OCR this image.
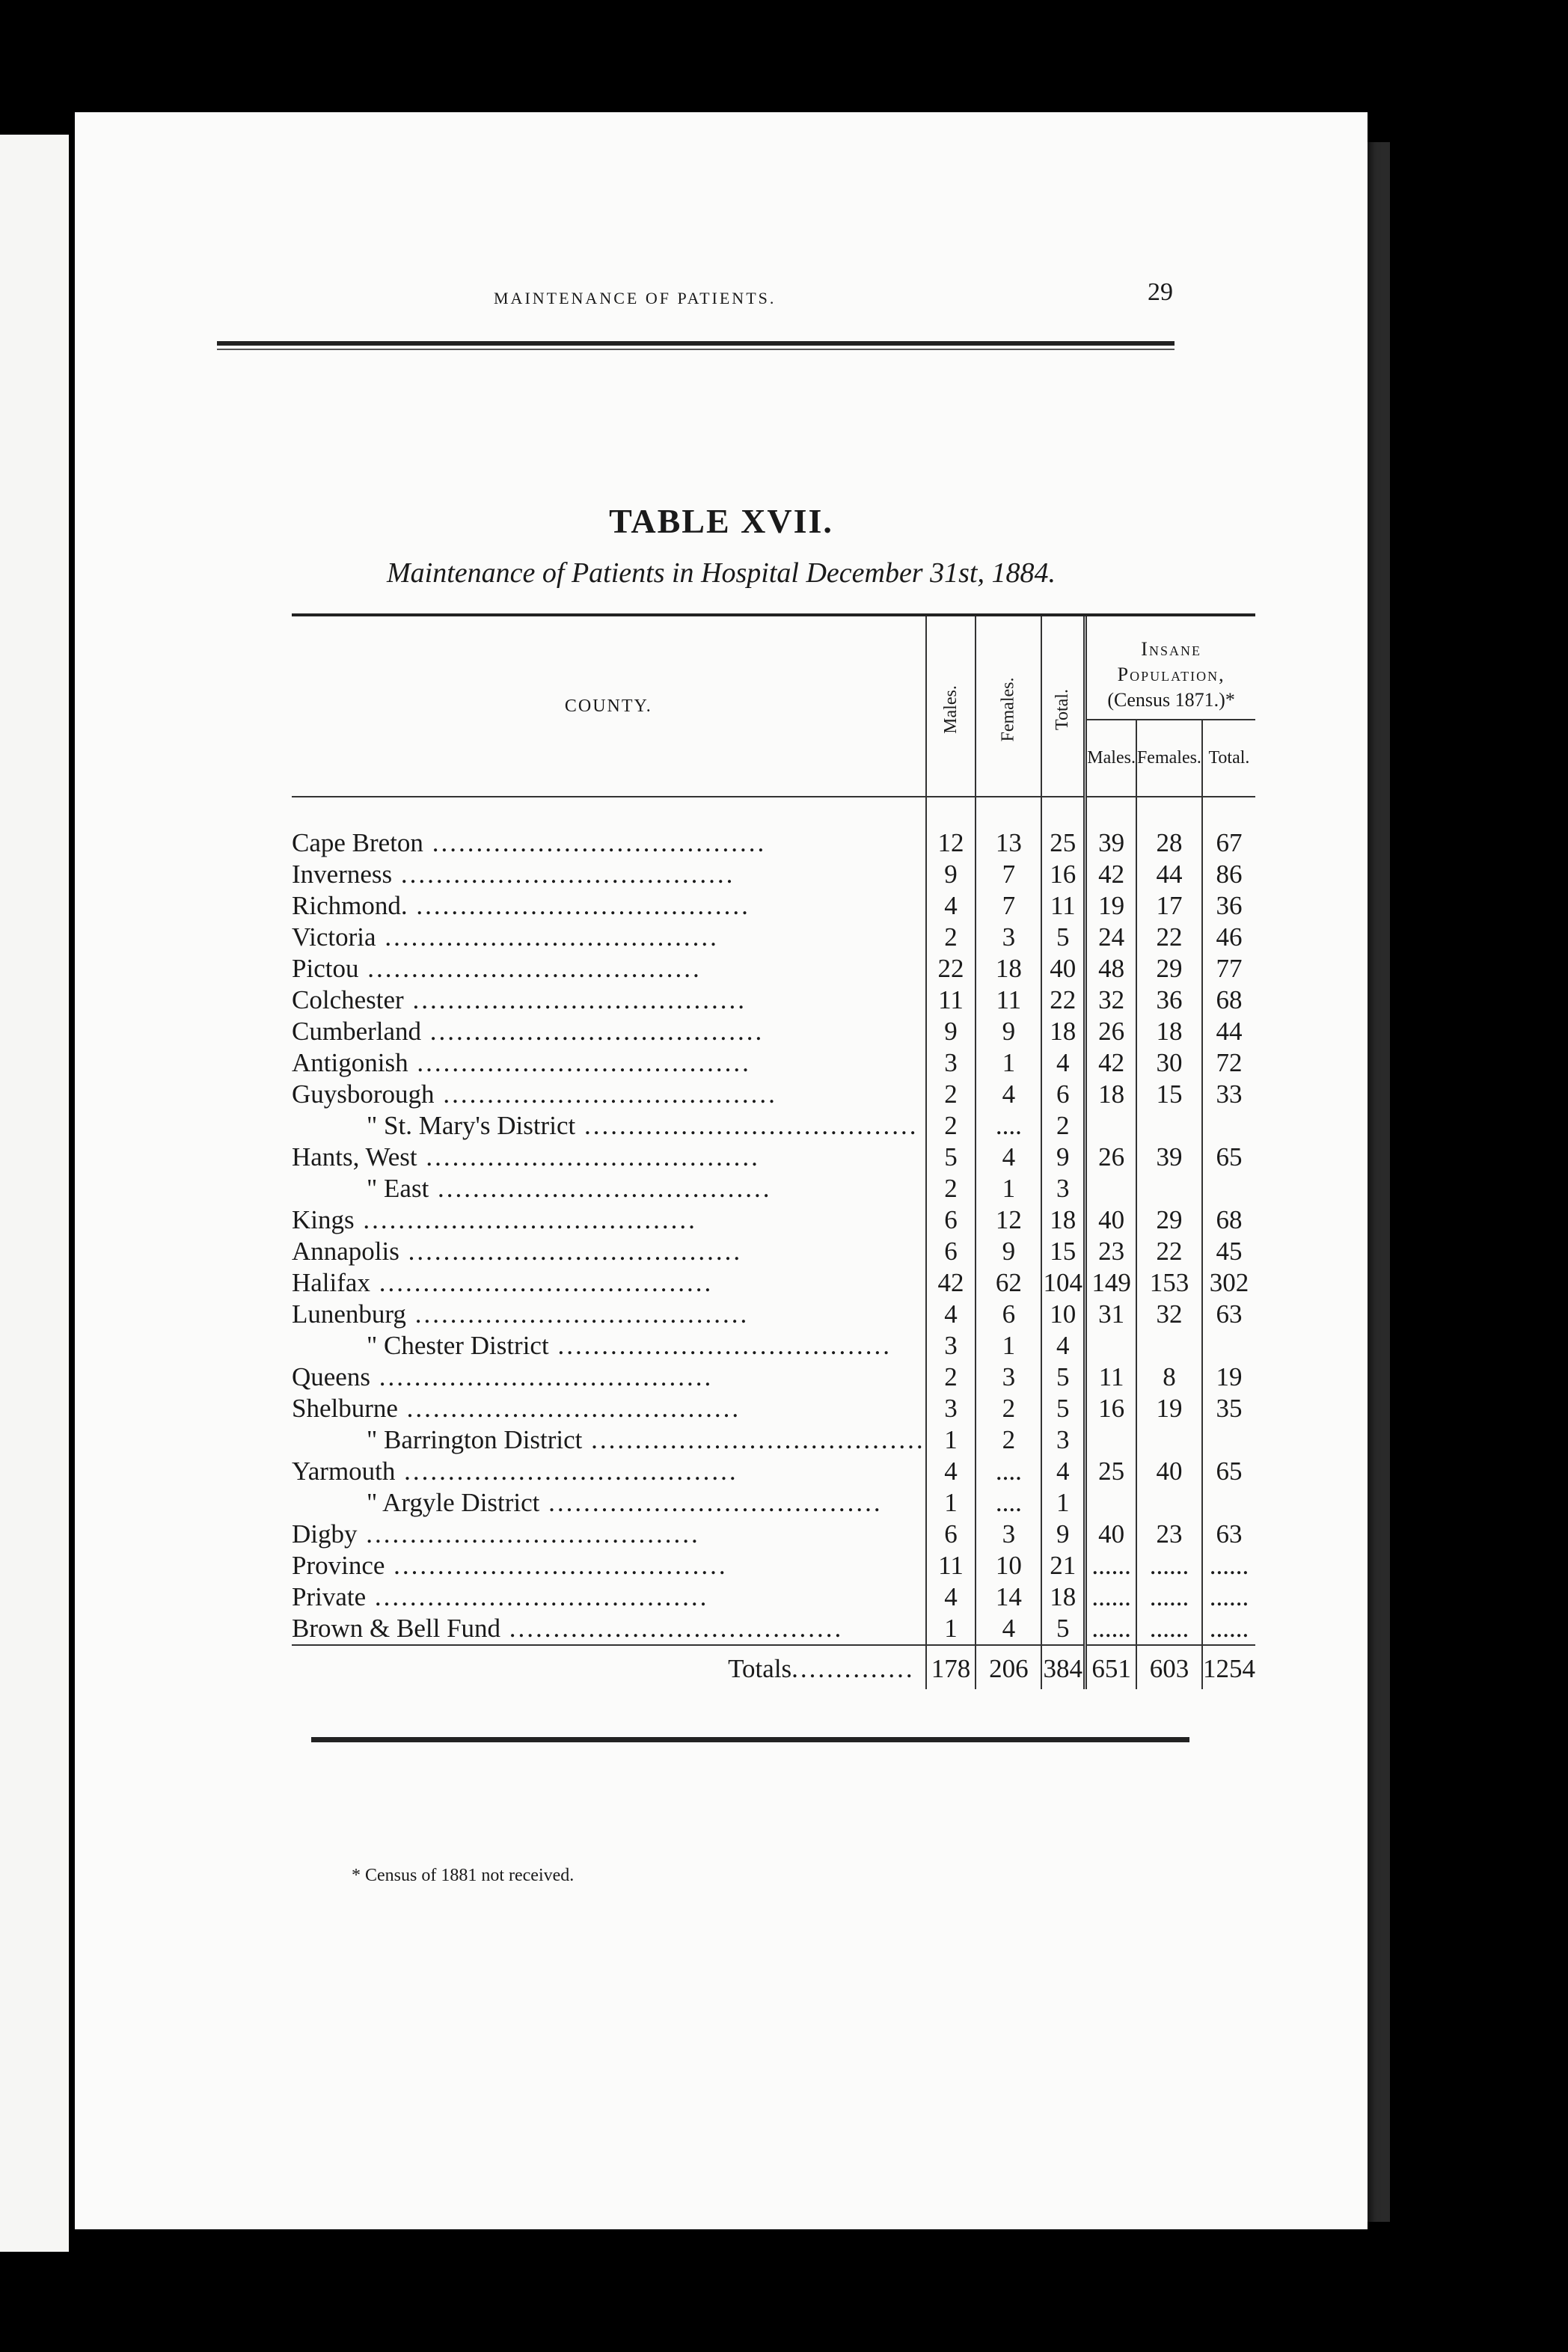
MAINTENANCE OF PATIENTS.	29
TABLE XVII.
Maintenance of Patients in Hospital December 31st, 1884.

COUNTY.	Males.	Females.	Total.	Insane Population,
(Census 1871.)*		

				Males.	Females.	Total.

Cape Breton ......................................	12	13	25	39	28	67
Inverness ......................................	9	7	16	42	44	86
Richmond. ......................................	4	7	11	19	17	36
Victoria ......................................	2	3	5	24	22	46
Pictou ......................................	22	18	40	48	29	77
Colchester ......................................	11	11	22	32	36	68
Cumberland ......................................	9	9	18	26	18	44
Antigonish ......................................	3	1	4	42	30	72
Guysborough ......................................	2	4	6	18	15	33
" St. Mary's District ......................................	2	....	2			
Hants, West ......................................	5	4	9	26	39	65
" East ......................................	2	1	3			
Kings ......................................	6	12	18	40	29	68
Annapolis ......................................	6	9	15	23	22	45
Halifax ......................................	42	62	104	149	153	302
Lunenburg ......................................	4	6	10	31	32	63
" Chester District ......................................	3	1	4			
Queens ......................................	2	3	5	11	8	19
Shelburne ......................................	3	2	5	16	19	35
" Barrington District ......................................	1	2	3			
Yarmouth ......................................	4	....	4	25	40	65
" Argyle District ......................................	1	....	1			
Digby ......................................	6	3	9	40	23	63
Province ......................................	11	10	21	......	......	......
Private ......................................	4	14	18	......	......	......
Brown & Bell Fund ......................................	1	4	5	......	......	......
Totals..............	178	206	384	651	603	1254
* Census of 1881 not received.
